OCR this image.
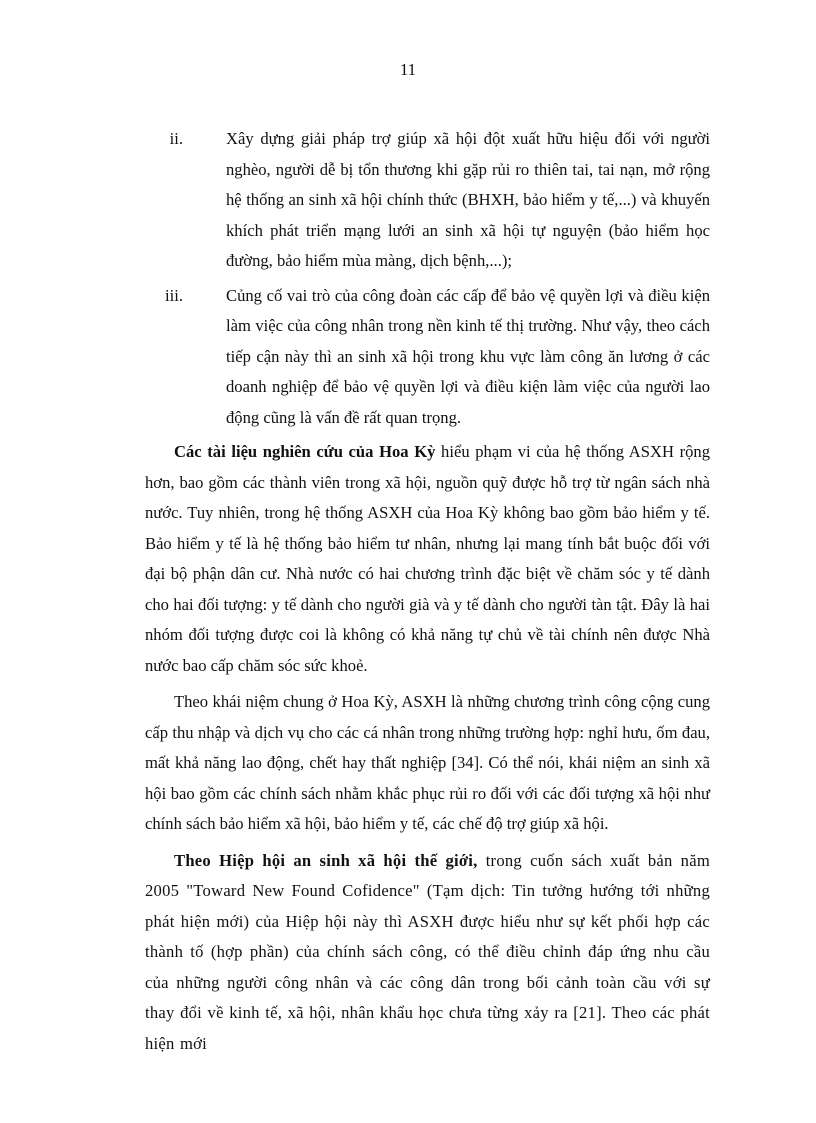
11
ii.	Xây dựng giải pháp trợ giúp xã hội đột xuất hữu hiệu đối với người nghèo, người dễ bị tổn thương khi gặp rủi ro thiên tai, tai nạn, mở rộng hệ thống an sinh xã hội chính thức (BHXH, bảo hiểm y tế,...) và khuyến khích phát triển mạng lưới an sinh xã hội tự nguyện (bảo hiểm học đường, bảo hiểm mùa màng, dịch bệnh,...);
iii.	Củng cố vai trò của công đoàn các cấp để bảo vệ quyền lợi và điều kiện làm việc của công nhân trong nền kinh tế thị trường. Như vậy, theo cách tiếp cận này thì an sinh xã hội trong khu vực làm công ăn lương ở các doanh nghiệp để bảo vệ quyền lợi và điều kiện làm việc của người lao động cũng là vấn đề rất quan trọng.

Các tài liệu nghiên cứu của Hoa Kỳ hiểu phạm vi của hệ thống ASXH rộng hơn, bao gồm các thành viên trong xã hội, nguồn quỹ được hỗ trợ từ ngân sách nhà nước. Tuy nhiên, trong hệ thống ASXH của Hoa Kỳ không bao gồm bảo hiểm y tế. Bảo hiểm y tế là hệ thống bảo hiểm tư nhân, nhưng lại mang tính bắt buộc đối với đại bộ phận dân cư. Nhà nước có hai chương trình đặc biệt về chăm sóc y tế dành cho hai đối tượng: y tế dành cho người già và y tế dành cho người tàn tật. Đây là hai nhóm đối tượng được coi là không có khả năng tự chủ về tài chính nên được Nhà nước bao cấp chăm sóc sức khoẻ.

Theo khái niệm chung ở Hoa Kỳ, ASXH là những chương trình công cộng cung cấp thu nhập và dịch vụ cho các cá nhân trong những trường hợp: nghỉ hưu, ốm đau, mất khả năng lao động, chết hay thất nghiệp [34]. Có thể nói, khái niệm an sinh xã hội bao gồm các chính sách nhằm khắc phục rủi ro đối với các đối tượng xã hội như chính sách bảo hiểm xã hội, bảo hiểm y tế, các chế độ trợ giúp xã hội.

Theo Hiệp hội an sinh xã hội thế giới, trong cuốn sách xuất bản năm 2005 "Toward New Found Cofidence" (Tạm dịch: Tin tưởng hướng tới những phát hiện mới) của Hiệp hội này thì ASXH được hiểu như sự kết phối hợp các thành tố (hợp phần) của chính sách công, có thể điều chỉnh đáp ứng nhu cầu của những người công nhân và các công dân trong bối cảnh toàn cầu với sự thay đổi về kinh tế, xã hội, nhân khẩu học chưa từng xảy ra [21]. Theo các phát hiện mới
